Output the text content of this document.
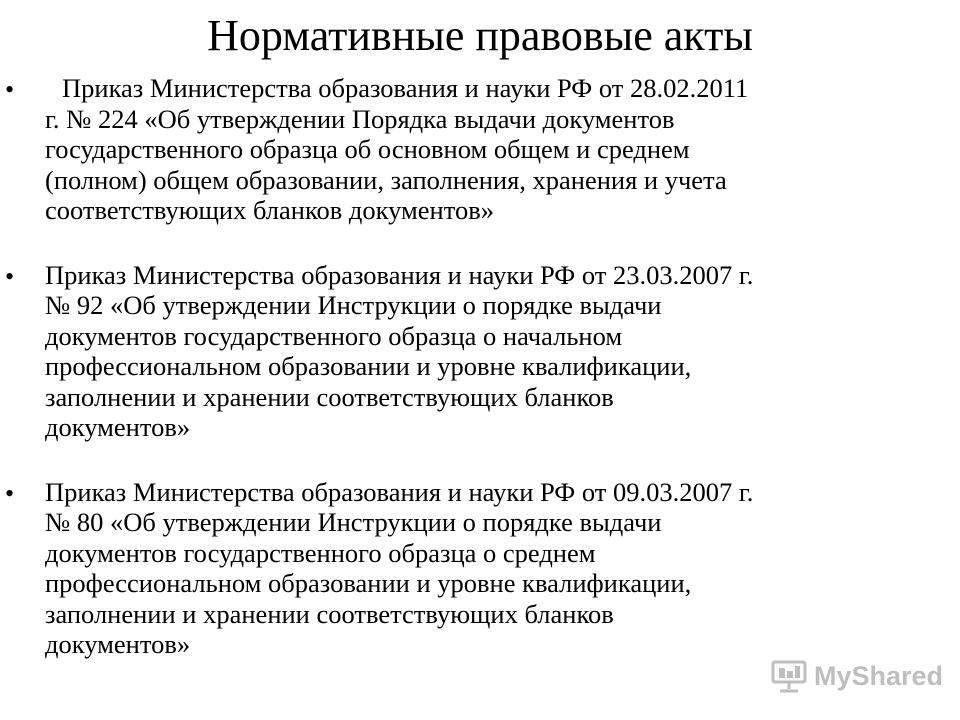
Нормативные правовые акты
•	Приказ Министерства образования и науки РФ от 28.02.2011
г. № 224 «Об утверждении Порядка выдачи документов
государственного образца об основном общем и среднем
(полном) общем образовании, заполнения, хранения и учета
соответствующих бланков документов»
• Приказ Министерства образования и науки РФ от 23.03.2007 г.
№ 92 «Об утверждении Инструкции о порядке выдачи
документов государственного образца о начальном
профессиональном образовании и уровне квалификации,
заполнении и хранении соответствующих бланков
документов»
• Приказ Министерства образования и науки РФ от 09.03.2007 г.
№ 80 «Об утверждении Инструкции о порядке выдачи
документов государственного образца о среднем
профессиональном образовании и уровне квалификации,
заполнении и хранении соответствующих бланков
документов»
MyShared
